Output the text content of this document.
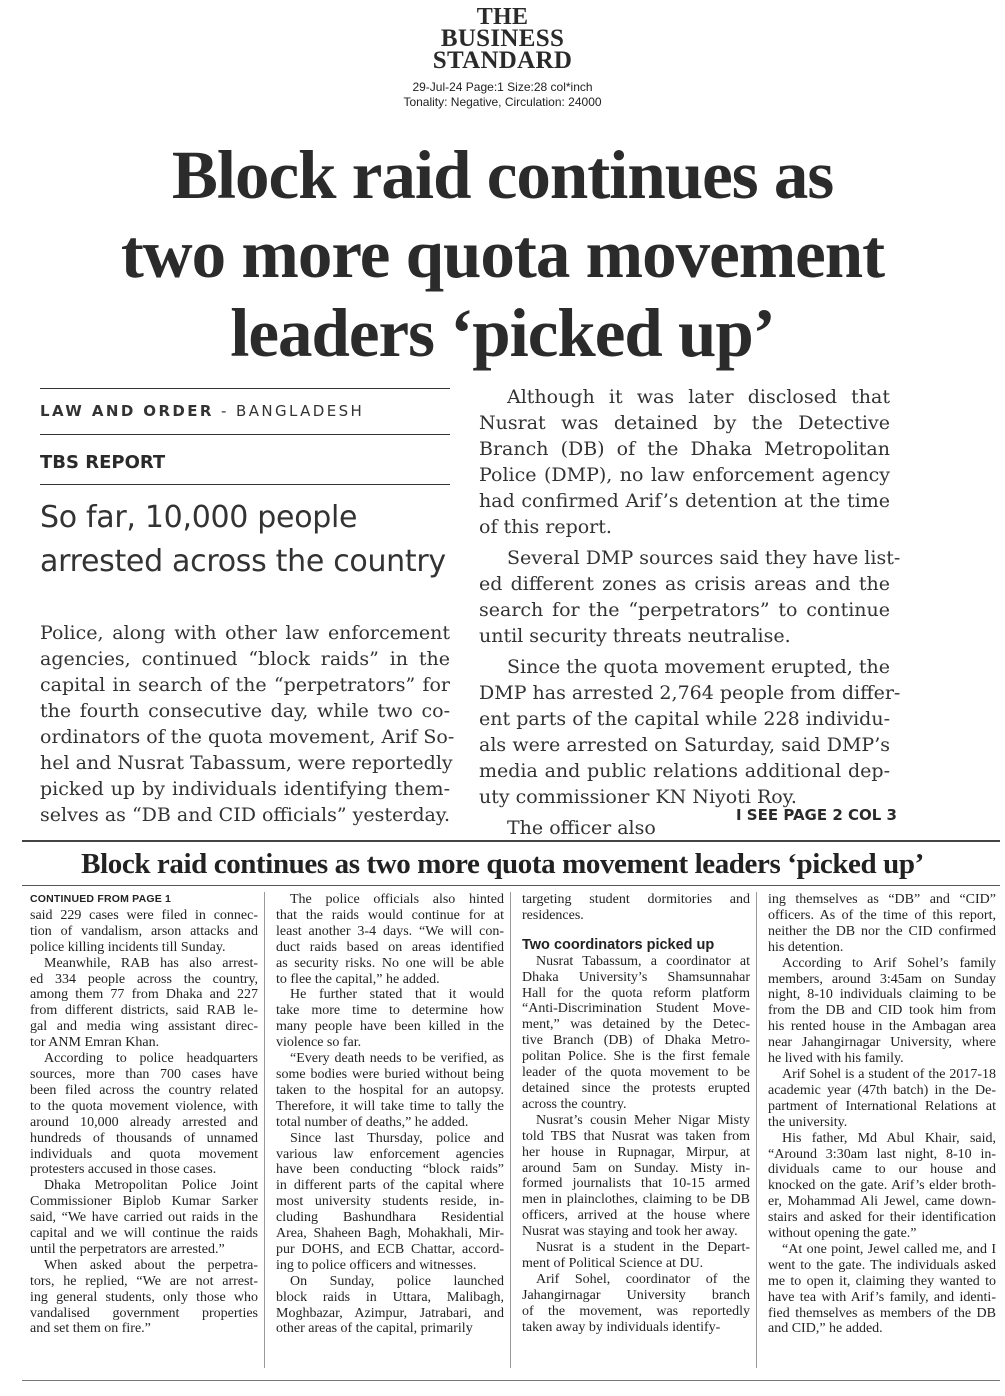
THE
BUSINESS
STANDARD
29-Jul-24 Page:1 Size:28 col*inch
Tonality: Negative, Circulation: 24000
Block raid continues as
two more quota movement
leaders ‘picked up’
LAW AND ORDER - BANGLADESH
TBS REPORT
So far, 10,000 people
arrested across the country
Police, along with other law enforcement
agencies, continued “block raids” in the
capital in search of the “perpetrators” for
the fourth consecutive day, while two co-
ordinators of the quota movement, Arif So-
hel and Nusrat Tabassum, were reportedly
picked up by individuals identifying them-
selves as “DB and CID officials” yesterday.

Although it was later disclosed that
Nusrat was detained by the Detective
Branch (DB) of the Dhaka Metropolitan
Police (DMP), no law enforcement agency
had confirmed Arif’s detention at the time
of this report.

Several DMP sources said they have list-
ed different zones as crisis areas and the
search for the “perpetrators” to continue
until security threats neutralise.

Since the quota movement erupted, the
DMP has arrested 2,764 people from differ-
ent parts of the capital while 228 individu-
als were arrested on Saturday, said DMP’s
media and public relations additional dep-
uty commissioner KN Niyoti Roy.

The officer also

I SEE PAGE 2 COL 3
Block raid continues as two more quota movement leaders ‘picked up’
CONTINUED FROM PAGE 1
said 229 cases were filed in connec-
tion of vandalism, arson attacks and
police killing incidents till Sunday.
Meanwhile, RAB has also arrest-
ed 334 people across the country,
among them 77 from Dhaka and 227
from different districts, said RAB le-
gal and media wing assistant direc-
tor ANM Emran Khan.
According to police headquarters
sources, more than 700 cases have
been filed across the country related
to the quota movement violence, with
around 10,000 already arrested and
hundreds of thousands of unnamed
individuals and quota movement
protesters accused in those cases.
Dhaka Metropolitan Police Joint
Commissioner Biplob Kumar Sarker
said, “We have carried out raids in the
capital and we will continue the raids
until the perpetrators are arrested.”
When asked about the perpetra-
tors, he replied, “We are not arrest-
ing general students, only those who
vandalised government properties
and set them on fire.”
The police officials also hinted
that the raids would continue for at
least another 3-4 days. “We will con-
duct raids based on areas identified
as security risks. No one will be able
to flee the capital,” he added.
He further stated that it would
take more time to determine how
many people have been killed in the
violence so far.
“Every death needs to be verified, as
some bodies were buried without being
taken to the hospital for an autopsy.
Therefore, it will take time to tally the
total number of deaths,” he added.
Since last Thursday, police and
various law enforcement agencies
have been conducting “block raids”
in different parts of the capital where
most university students reside, in-
cluding Bashundhara Residential
Area, Shaheen Bagh, Mohakhali, Mir-
pur DOHS, and ECB Chattar, accord-
ing to police officers and witnesses.
On Sunday, police launched
block raids in Uttara, Malibagh,
Moghbazar, Azimpur, Jatrabari, and
other areas of the capital, primarily
targeting student dormitories and
residences.
Two coordinators picked up
Nusrat Tabassum, a coordinator at
Dhaka University’s Shamsunnahar
Hall for the quota reform platform
“Anti-Discrimination Student Move-
ment,” was detained by the Detec-
tive Branch (DB) of Dhaka Metro-
politan Police. She is the first female
leader of the quota movement to be
detained since the protests erupted
across the country.
Nusrat’s cousin Meher Nigar Misty
told TBS that Nusrat was taken from
her house in Rupnagar, Mirpur, at
around 5am on Sunday. Misty in-
formed journalists that 10-15 armed
men in plainclothes, claiming to be DB
officers, arrived at the house where
Nusrat was staying and took her away.
Nusrat is a student in the Depart-
ment of Political Science at DU.
Arif Sohel, coordinator of the
Jahangirnagar University branch
of the movement, was reportedly
taken away by individuals identify-
ing themselves as “DB” and “CID”
officers. As of the time of this report,
neither the DB nor the CID confirmed
his detention.
According to Arif Sohel’s family
members, around 3:45am on Sunday
night, 8-10 individuals claiming to be
from the DB and CID took him from
his rented house in the Ambagan area
near Jahangirnagar University, where
he lived with his family.
Arif Sohel is a student of the 2017-18
academic year (47th batch) in the De-
partment of International Relations at
the university.
His father, Md Abul Khair, said,
“Around 3:30am last night, 8-10 in-
dividuals came to our house and
knocked on the gate. Arif’s elder broth-
er, Mohammad Ali Jewel, came down-
stairs and asked for their identification
without opening the gate.”
“At one point, Jewel called me, and I
went to the gate. The individuals asked
me to open it, claiming they wanted to
have tea with Arif’s family, and identi-
fied themselves as members of the DB
and CID,” he added.
